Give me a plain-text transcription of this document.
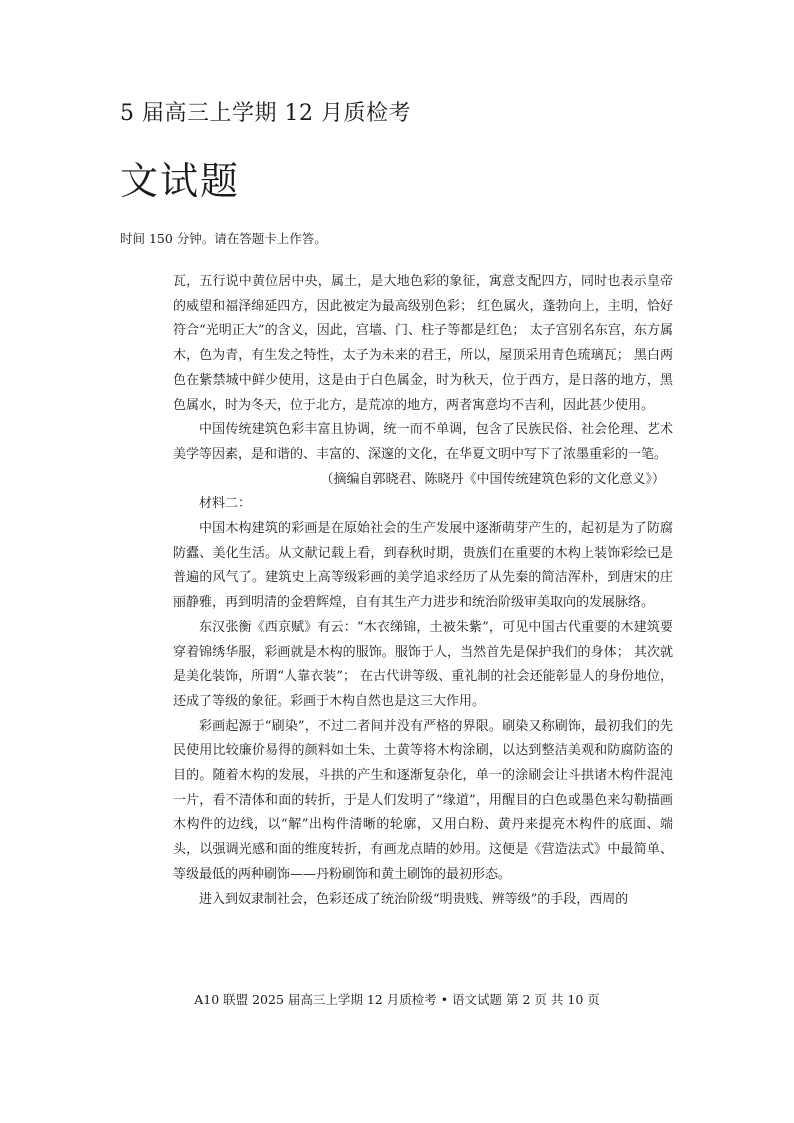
5 届高三上学期 12 月质检考
文试题
时间 150 分钟。请在答题卡上作答。

瓦，五行说中黄位居中央，属土，是大地色彩的象征，寓意支配四方，同时也表示皇帝的威望和福泽绵延四方，因此被定为最高级别色彩； 红色属火，蓬勃向上，主明，恰好符合“光明正大”的含义，因此，宫墙、门、柱子等都是红色； 太子宫别名东宫，东方属木，色为青，有生发之特性，太子为未来的君王，所以，屋顶采用青色琉璃瓦； 黑白两色在紫禁城中鲜少使用，这是由于白色属金，时为秋天，位于西方，是日落的地方，黑色属水，时为冬天，位于北方，是荒凉的地方，两者寓意均不吉利，因此甚少使用。

中国传统建筑色彩丰富且协调，统一而不单调，包含了民族民俗、社会伦理、艺术美学等因素，是和谐的、丰富的、深邃的文化，在华夏文明中写下了浓墨重彩的一笔。

（摘编自郭晓君、陈晓丹《中国传统建筑色彩的文化意义》）

材料二：

中国木构建筑的彩画是在原始社会的生产发展中逐渐萌芽产生的，起初是为了防腐防蠹、美化生活。从文献记载上看，到春秋时期，贵族们在重要的木构上装饰彩绘已是普遍的风气了。建筑史上高等级彩画的美学追求经历了从先秦的简洁浑朴，到唐宋的庄丽静雅，再到明清的金碧辉煌，自有其生产力进步和统治阶级审美取向的发展脉络。

东汉张衡《西京赋》有云：“木衣绨锦，土被朱紫”，可见中国古代重要的木建筑要穿着锦绣华服，彩画就是木构的服饰。服饰于人，当然首先是保护我们的身体； 其次就是美化装饰，所谓“人靠衣装”； 在古代讲等级、重礼制的社会还能彰显人的身份地位，还成了等级的象征。彩画于木构自然也是这三大作用。

彩画起源于“刷染”，不过二者间并没有严格的界限。刷染又称刷饰，最初我们的先民使用比较廉价易得的颜料如土朱、土黄等将木构涂刷，以达到整洁美观和防腐防盗的目的。随着木构的发展，斗拱的产生和逐渐复杂化，单一的涂刷会让斗拱诸木构件混沌一片，看不清体和面的转折，于是人们发明了“缘道”，用醒目的白色或墨色来勾勒描画木构件的边线，以“解”出构件清晰的轮廓，又用白粉、黄丹来提亮木构件的底面、端头，以强调光感和面的维度转折，有画龙点睛的妙用。这便是《营造法式》中最简单、等级最低的两种刷饰——丹粉刷饰和黄土刷饰的最初形态。

进入到奴隶制社会，色彩还成了统治阶级“明贵贱、辨等级”的手段，西周的

A10 联盟 2025 届高三上学期 12 月质检考 • 语文试题 第 2 页 共 10 页
